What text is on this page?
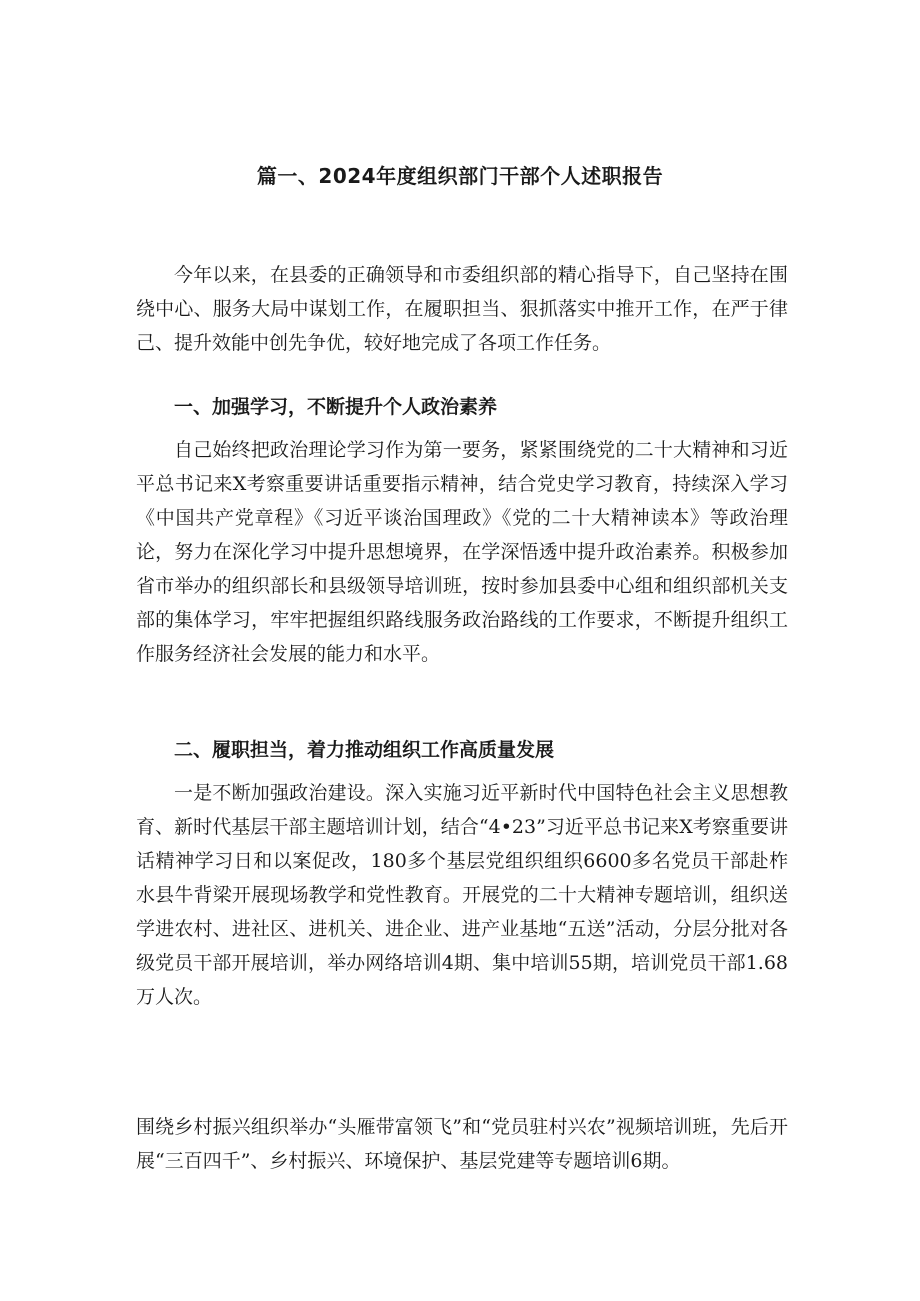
篇一、2024年度组织部门干部个人述职报告

今年以来，在县委的正确领导和市委组织部的精心指导下，自己坚持在围绕中心、服务大局中谋划工作，在履职担当、狠抓落实中推开工作，在严于律己、提升效能中创先争优，较好地完成了各项工作任务。

一、加强学习，不断提升个人政治素养

自己始终把政治理论学习作为第一要务，紧紧围绕党的二十大精神和习近平总书记来X考察重要讲话重要指示精神，结合党史学习教育，持续深入学习《中国共产党章程》《习近平谈治国理政》《党的二十大精神读本》等政治理论，努力在深化学习中提升思想境界，在学深悟透中提升政治素养。积极参加省市举办的组织部长和县级领导培训班，按时参加县委中心组和组织部机关支部的集体学习，牢牢把握组织路线服务政治路线的工作要求，不断提升组织工作服务经济社会发展的能力和水平。

二、履职担当，着力推动组织工作高质量发展

一是不断加强政治建设。深入实施习近平新时代中国特色社会主义思想教育、新时代基层干部主题培训计划，结合“4•23”习近平总书记来X考察重要讲话精神学习日和以案促改，180多个基层党组织组织6600多名党员干部赴柞水县牛背梁开展现场教学和党性教育。开展党的二十大精神专题培训，组织送学进农村、进社区、进机关、进企业、进产业基地“五送”活动，分层分批对各级党员干部开展培训，举办网络培训4期、集中培训55期，培训党员干部1.68万人次。

围绕乡村振兴组织举办“头雁带富领飞”和“党员驻村兴农”视频培训班，先后开展“三百四千”、乡村振兴、环境保护、基层党建等专题培训6期。
